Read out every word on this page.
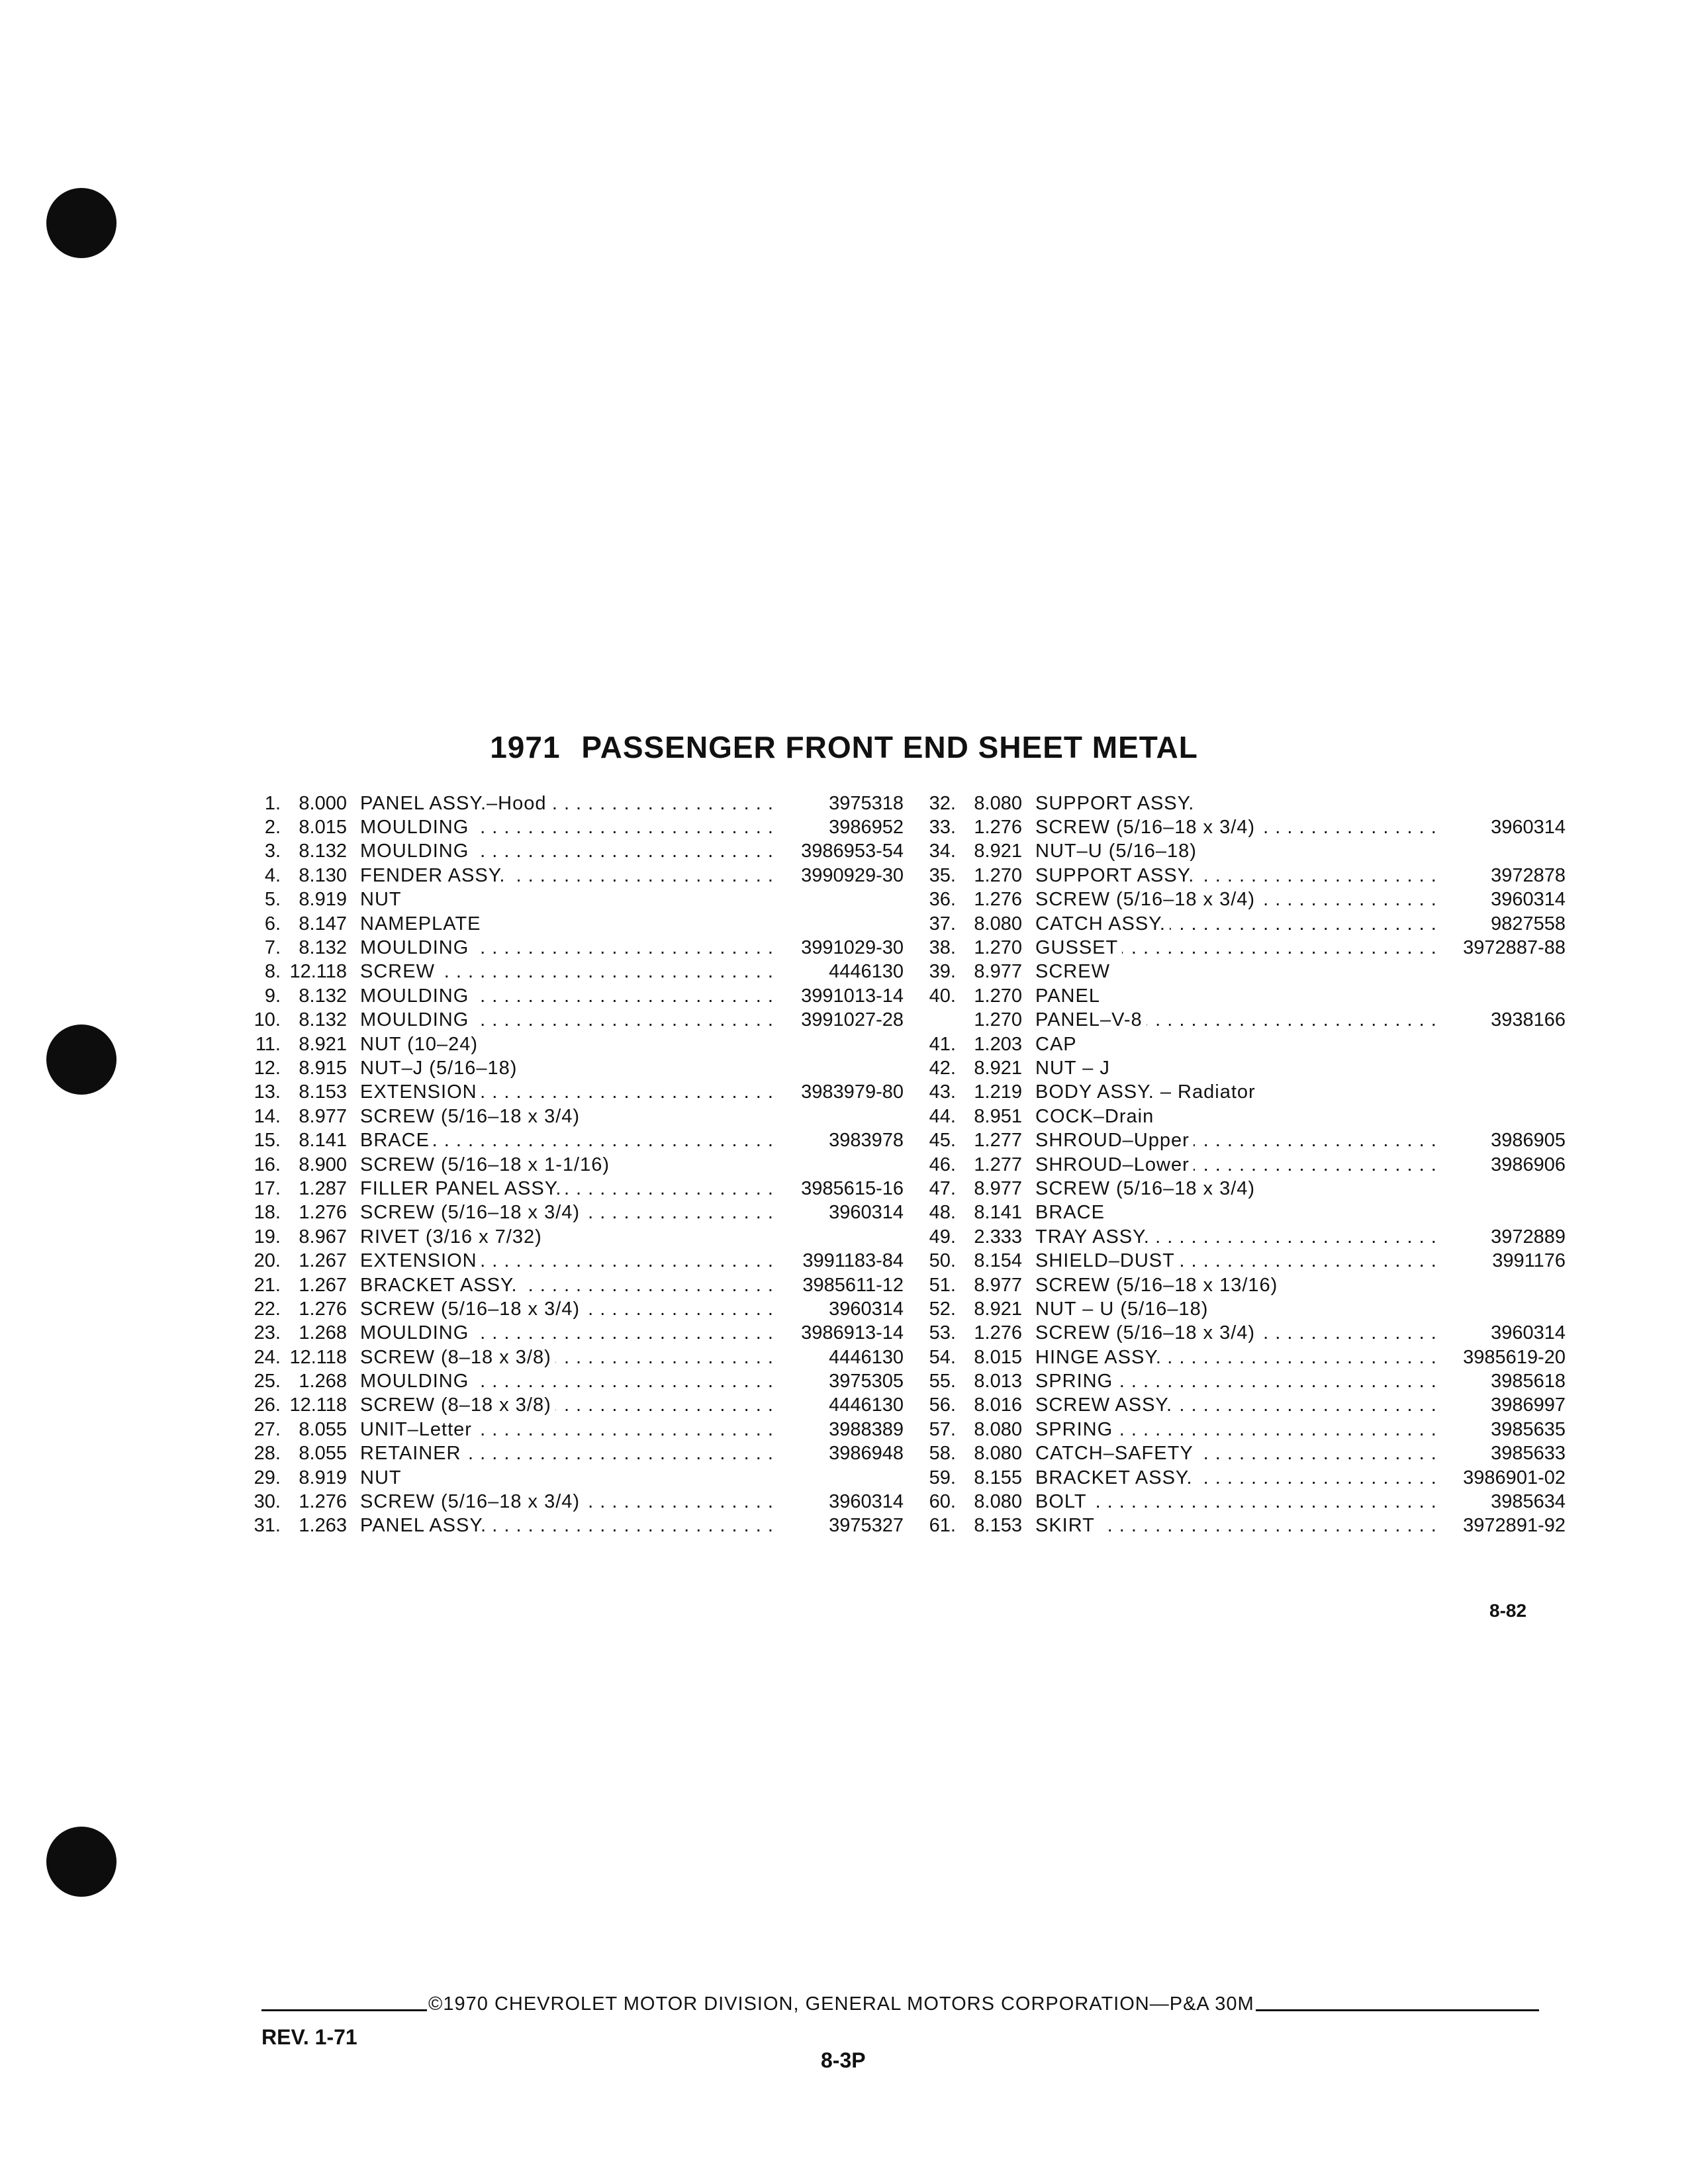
1971 PASSENGER FRONT END SHEET METAL
1. 8.000 PANEL ASSY.–Hood . . .	3975318
2. 8.015 MOULDING . . .	3986952
3. 8.132 MOULDING . . .	3986953-54
4. 8.130 FENDER ASSY. . . .	3990929-30
5. 8.919 NUT
6. 8.147 NAMEPLATE
7. 8.132 MOULDING . . .	3991029-30
8. 12.118 SCREW . . .	4446130
9. 8.132 MOULDING . . .	3991013-14
10. 8.132 MOULDING . . .	3991027-28
11. 8.921 NUT (10–24)
12. 8.915 NUT–J (5/16–18)
13. 8.153 EXTENSION . . .	3983979-80
14. 8.977 SCREW (5/16–18 x 3/4)
15. 8.141 BRACE . . .	3983978
16. 8.900 SCREW (5/16–18 x 1-1/16)
17. 1.287 FILLER PANEL ASSY. . . .	3985615-16
18. 1.276 SCREW (5/16–18 x 3/4) . . .	3960314
19. 8.967 RIVET (3/16 x 7/32)
20. 1.267 EXTENSION . . .	3991183-84
21. 1.267 BRACKET ASSY. . . .	3985611-12
22. 1.276 SCREW (5/16–18 x 3/4) . . .	3960314
23. 1.268 MOULDING . . .	3986913-14
24. 12.118 SCREW (8–18 x 3/8) . . .	4446130
25. 1.268 MOULDING . . .	3975305
26. 12.118 SCREW (8–18 x 3/8) . . .	4446130
27. 8.055 UNIT–Letter . . .	3988389
28. 8.055 RETAINER . . .	3986948
29. 8.919 NUT
30. 1.276 SCREW (5/16–18 x 3/4) . . .	3960314
31. 1.263 PANEL ASSY. . . .	3975327
32. 8.080 SUPPORT ASSY.
33. 1.276 SCREW (5/16–18 x 3/4) . . .	3960314
34. 8.921 NUT–U (5/16–18)
35. 1.270 SUPPORT ASSY. . . .	3972878
36. 1.276 SCREW (5/16–18 x 3/4) . . .	3960314
37. 8.080 CATCH ASSY. . . .	9827558
38. 1.270 GUSSET . . .	3972887-88
39. 8.977 SCREW
40. 1.270 PANEL
1.270 PANEL–V-8 . . .	3938166
41. 1.203 CAP
42. 8.921 NUT – J
43. 1.219 BODY ASSY. – Radiator
44. 8.951 COCK–Drain
45. 1.277 SHROUD–Upper . . .	3986905
46. 1.277 SHROUD–Lower . . .	3986906
47. 8.977 SCREW (5/16–18 x 3/4)
48. 8.141 BRACE
49. 2.333 TRAY ASSY. . . .	3972889
50. 8.154 SHIELD–DUST . . .	3991176
51. 8.977 SCREW (5/16–18 x 13/16)
52. 8.921 NUT – U (5/16–18)
53. 1.276 SCREW (5/16–18 x 3/4) . . .	3960314
54. 8.015 HINGE ASSY. . . .	3985619-20
55. 8.013 SPRING . . .	3985618
56. 8.016 SCREW ASSY. . . .	3986997
57. 8.080 SPRING . . .	3985635
58. 8.080 CATCH–SAFETY . . .	3985633
59. 8.155 BRACKET ASSY. . . .	3986901-02
60. 8.080 BOLT . . .	3985634
61. 8.153 SKIRT . . .	3972891-92
8-82
©1970 CHEVROLET MOTOR DIVISION, GENERAL MOTORS CORPORATION—P&A 30M
REV. 1-71
8-3P
